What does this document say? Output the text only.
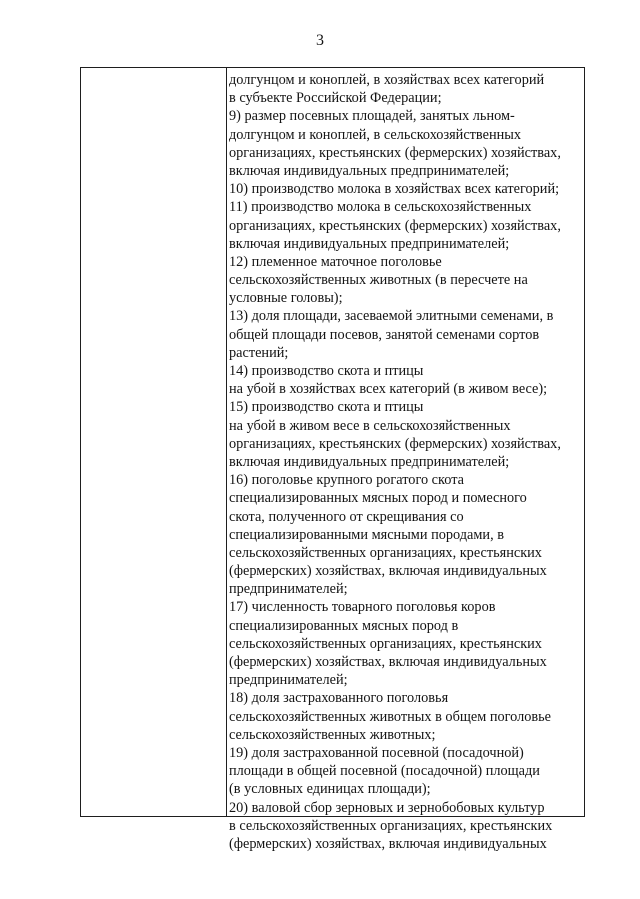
3
долгунцом и коноплей, в хозяйствах всех категорий
в субъекте Российской Федерации;
9) размер посевных площадей, занятых льном-
долгунцом и коноплей, в сельскохозяйственных
организациях, крестьянских (фермерских) хозяйствах,
включая индивидуальных предпринимателей;
10) производство молока в хозяйствах всех категорий;
11) производство молока в сельскохозяйственных
организациях, крестьянских (фермерских) хозяйствах,
включая индивидуальных предпринимателей;
12) племенное маточное поголовье
сельскохозяйственных животных (в пересчете на
условные головы);
13) доля площади, засеваемой элитными семенами, в
общей площади посевов, занятой семенами сортов
растений;
14) производство скота и птицы
на убой в хозяйствах всех категорий (в живом весе);
15) производство скота и птицы
на убой в живом весе в сельскохозяйственных
организациях, крестьянских (фермерских) хозяйствах,
включая индивидуальных предпринимателей;
16) поголовье крупного рогатого скота
специализированных мясных пород и помесного
скота, полученного от скрещивания со
специализированными мясными породами, в
сельскохозяйственных организациях, крестьянских
(фермерских) хозяйствах, включая индивидуальных
предпринимателей;
17) численность товарного поголовья коров
специализированных мясных пород в
сельскохозяйственных организациях, крестьянских
(фермерских) хозяйствах, включая индивидуальных
предпринимателей;
18) доля застрахованного поголовья
сельскохозяйственных животных в общем поголовье
сельскохозяйственных животных;
19) доля застрахованной посевной (посадочной)
площади в общей посевной (посадочной) площади
(в условных единицах площади);
20) валовой сбор зерновых и зернобобовых культур
в сельскохозяйственных организациях, крестьянских
(фермерских) хозяйствах, включая индивидуальных
